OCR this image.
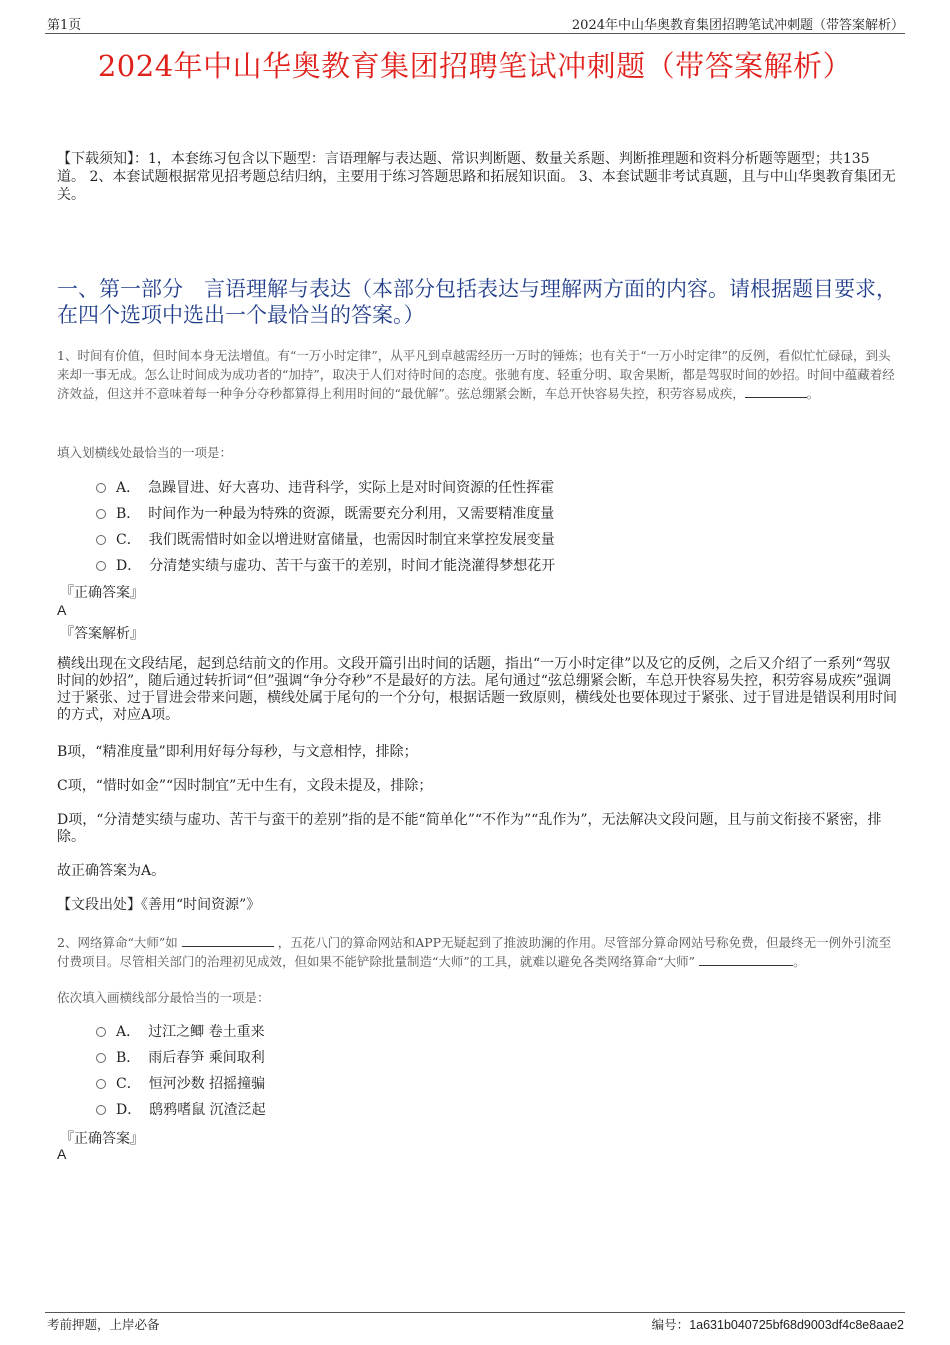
第1页	2024年中山华奥教育集团招聘笔试冲刺题（带答案解析）
2024年中山华奥教育集团招聘笔试冲刺题（带答案解析）
【下载须知】：1，本套练习包含以下题型：言语理解与表达题、常识判断题、数量关系题、判断推理题和资料分析题等题型；共135道。 2、本套试题根据常见招考题总结归纳，主要用于练习答题思路和拓展知识面。 3、本套试题非考试真题，且与中山华奥教育集团无关。
一、第一部分　言语理解与表达（本部分包括表达与理解两方面的内容。请根据题目要求，在四个选项中选出一个最恰当的答案。）
1、时间有价值，但时间本身无法增值。有“一万小时定律”，从平凡到卓越需经历一万时的锤炼；也有关于“一万小时定律”的反例，看似忙忙碌碌，到头来却一事无成。怎么让时间成为成功者的“加持”，取决于人们对待时间的态度。张驰有度、轻重分明、取舍果断，都是驾驭时间的妙招。时间中蕴藏着经济效益，但这并不意味着每一种争分夺秒都算得上利用时间的“最优解”。弦总绷紧会断，车总开快容易失控，积劳容易成疾，	。
填入划横线处最恰当的一项是：
A． 急躁冒进、好大喜功、违背科学，实际上是对时间资源的任性挥霍
B． 时间作为一种最为特殊的资源，既需要充分利用，又需要精准度量
C． 我们既需惜时如金以增进财富储量，也需因时制宜来掌控发展变量
D． 分清楚实绩与虚功、苦干与蛮干的差别，时间才能浇灌得梦想花开
『正确答案』
A
『答案解析』
横线出现在文段结尾，起到总结前文的作用。文段开篇引出时间的话题，指出“一万小时定律”以及它的反例，之后又介绍了一系列“驾驭时间的妙招”，随后通过转折词“但”强调“争分夺秒”不是最好的方法。尾句通过“弦总绷紧会断，车总开快容易失控，积劳容易成疾”强调过于紧张、过于冒进会带来问题，横线处属于尾句的一个分句，根据话题一致原则，横线处也要体现过于紧张、过于冒进是错误利用时间的方式，对应A项。
B项，“精准度量”即利用好每分每秒，与文意相悖，排除；
C项，“惜时如金”“因时制宜”无中生有，文段未提及，排除；
D项，“分清楚实绩与虚功、苦干与蛮干的差别”指的是不能“简单化”“不作为”“乱作为”，无法解决文段问题，且与前文衔接不紧密，排除。
故正确答案为A。
【文段出处】《善用“时间资源”》
2、网络算命“大师”如	，五花八门的算命网站和APP无疑起到了推波助澜的作用。尽管部分算命网站号称免费，但最终无一例外引流至付费项目。尽管相关部门的治理初见成效，但如果不能铲除批量制造“大师”的工具，就难以避免各类网络算命“大师”	。
依次填入画横线部分最恰当的一项是：
A． 过江之鲫 卷土重来
B． 雨后春笋 乘间取利
C． 恒河沙数 招摇撞骗
D． 鸱鸦嗜鼠 沉渣泛起
『正确答案』
A
考前押题，上岸必备	编号：1a631b040725bf68d9003df4c8e8aae2
